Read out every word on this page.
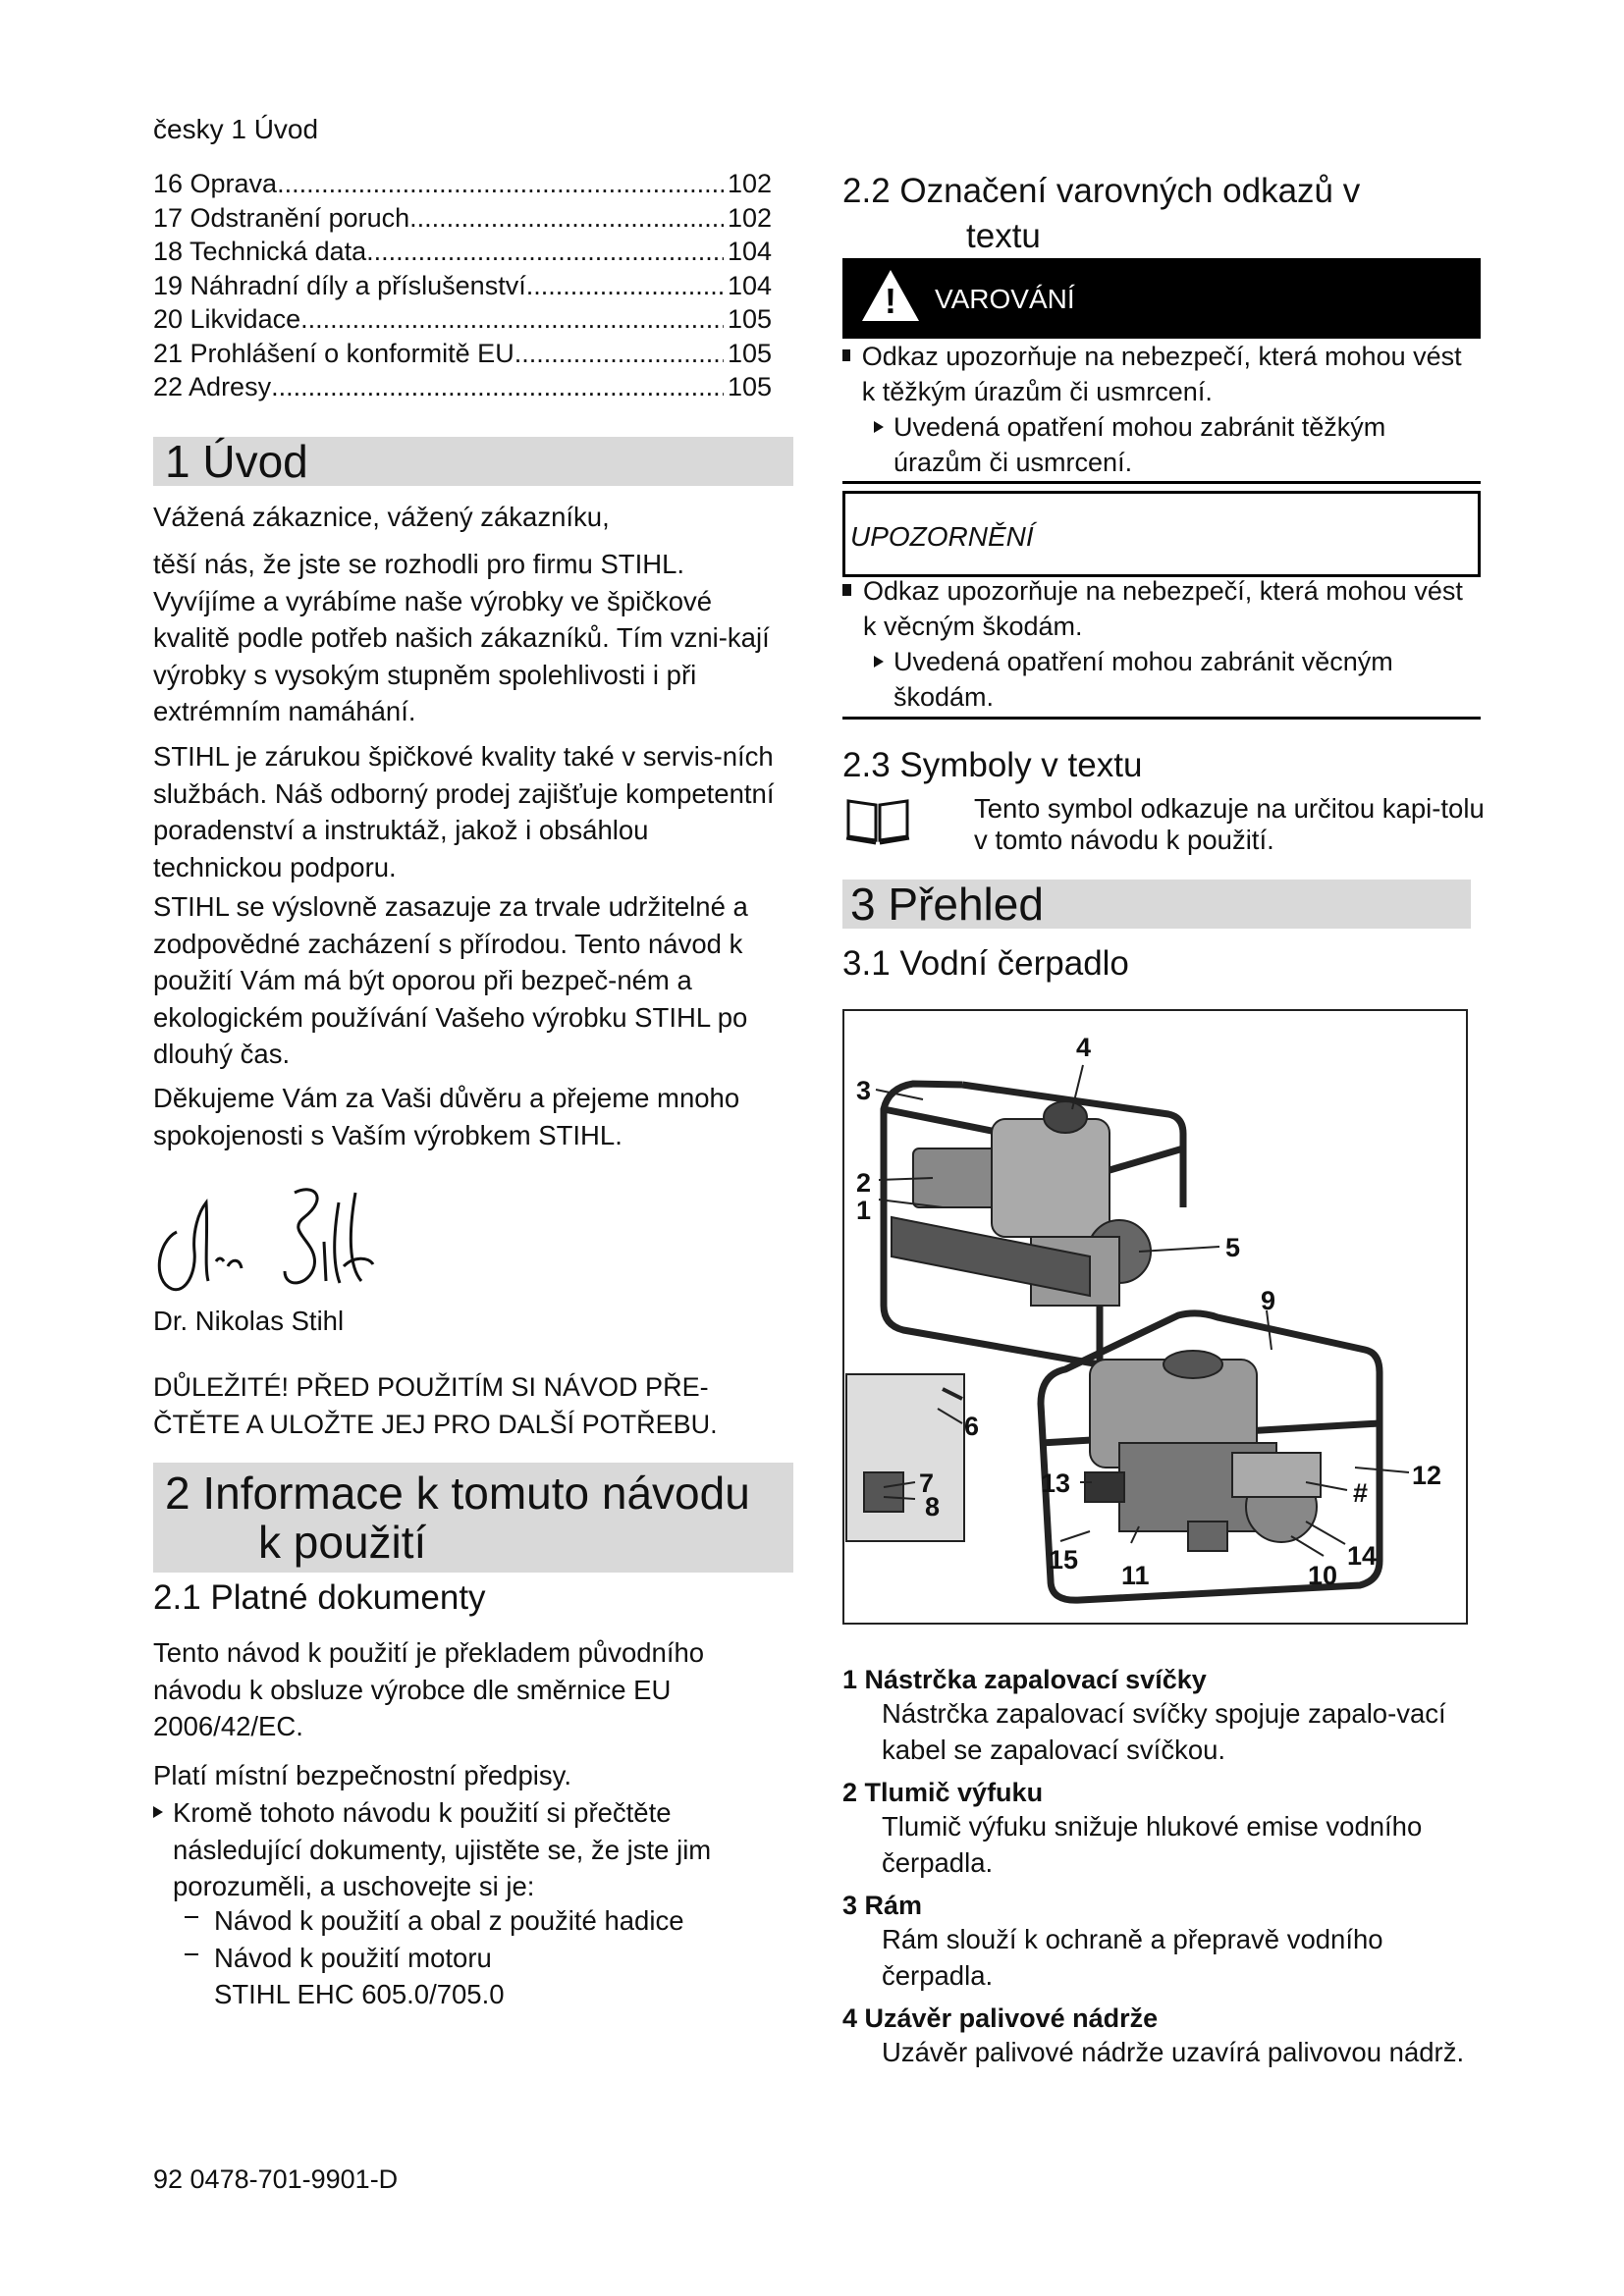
česky 1 Úvod
16 Oprava .....	102
17 Odstranění poruch .....	102
18 Technická data .....	104
19 Náhradní díly a příslušenství .....	104
20 Likvidace .....	105
21 Prohlášení o konformitě EU .....	105
22 Adresy .....	105
1 Úvod
Vážená zákaznice, vážený zákazníku,

těší nás, že jste se rozhodli pro firmu STIHL. Vyvíjíme a vyrábíme naše výrobky ve špičkové kvalitě podle potřeb našich zákazníků. Tím vzni-kají výrobky s vysokým stupněm spolehlivosti i při extrémním namáhání.

STIHL je zárukou špičkové kvality také v servis-ních službách. Náš odborný prodej zajišťuje kompetentní poradenství a instruktáž, jakož i obsáhlou technickou podporu.

STIHL se výslovně zasazuje za trvale udržitelné a zodpovědné zacházení s přírodou. Tento návod k použití Vám má být oporou při bezpeč-ném a ekologickém používání Vašeho výrobku STIHL po dlouhý čas.

Děkujeme Vám za Vaši důvěru a přejeme mnoho spokojenosti s Vaším výrobkem STIHL.

Dr. Nikolas Stihl

DŮLEŽITÉ! PŘED POUŽITÍM SI NÁVOD PŘE-ČTĚTE A ULOŽTE JEJ PRO DALŠÍ POTŘEBU.

2 Informace k tomuto návodu
k použití
2.1 Platné dokumenty

Tento návod k použití je překladem původního návodu k obsluze výrobce dle směrnice EU 2006/42/EC.

Platí místní bezpečnostní předpisy.

Kromě tohoto návodu k použití si přečtěte následující dokumenty, ujistěte se, že jste jim porozuměli, a uschovejte si je:
Návod k použití a obal z použité hadice
Návod k použití motoru STIHL EHC 605.0/705.0
2.2 Označení varovných odkazů v
textu
! VAROVÁNÍ
Odkaz upozorňuje na nebezpečí, která mohou vést k těžkým úrazům či usmrcení.
Uvedená opatření mohou zabránit těžkým úrazům či usmrcení.
UPOZORNĚNÍ
Odkaz upozorňuje na nebezpečí, která mohou vést k věcným škodám.
Uvedená opatření mohou zabránit věcným škodám.
2.3 Symboly v textu
Tento symbol odkazuje na určitou kapi-tolu v tomto návodu k použití.
3 Přehled
3.1 Vodní čerpadlo
3
4
2
1
5
9
6
7
8
13	12
#
14
10
11
15
1 Nástrčka zapalovací svíčky
Nástrčka zapalovací svíčky spojuje zapalo-vací kabel se zapalovací svíčkou.
2 Tlumič výfuku
Tlumič výfuku snižuje hlukové emise vodního čerpadla.
3 Rám
Rám slouží k ochraně a přepravě vodního čerpadla.
4 Uzávěr palivové nádrže
Uzávěr palivové nádrže uzavírá palivovou nádrž.
92 0478-701-9901-D
